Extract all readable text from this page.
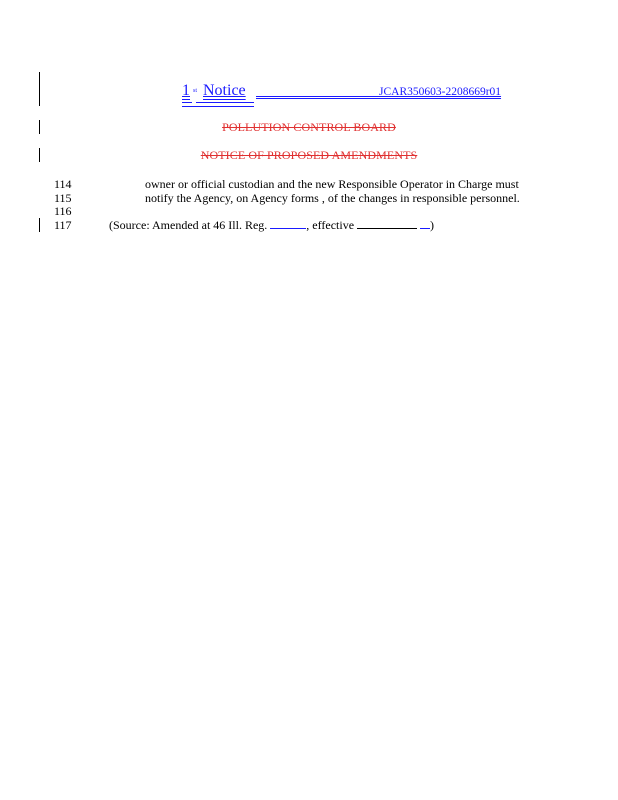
1 st Notice	JCAR350603-2208669r01
POLLUTION CONTROL BOARD
NOTICE OF PROPOSED AMENDMENTS
114	owner or official custodian and the new Responsible Operator in Charge must
115	notify the Agency, on Agency forms , of the changes in responsible personnel.
116
117	(Source: Amended at 46 Ill. Reg.	, effective	)
